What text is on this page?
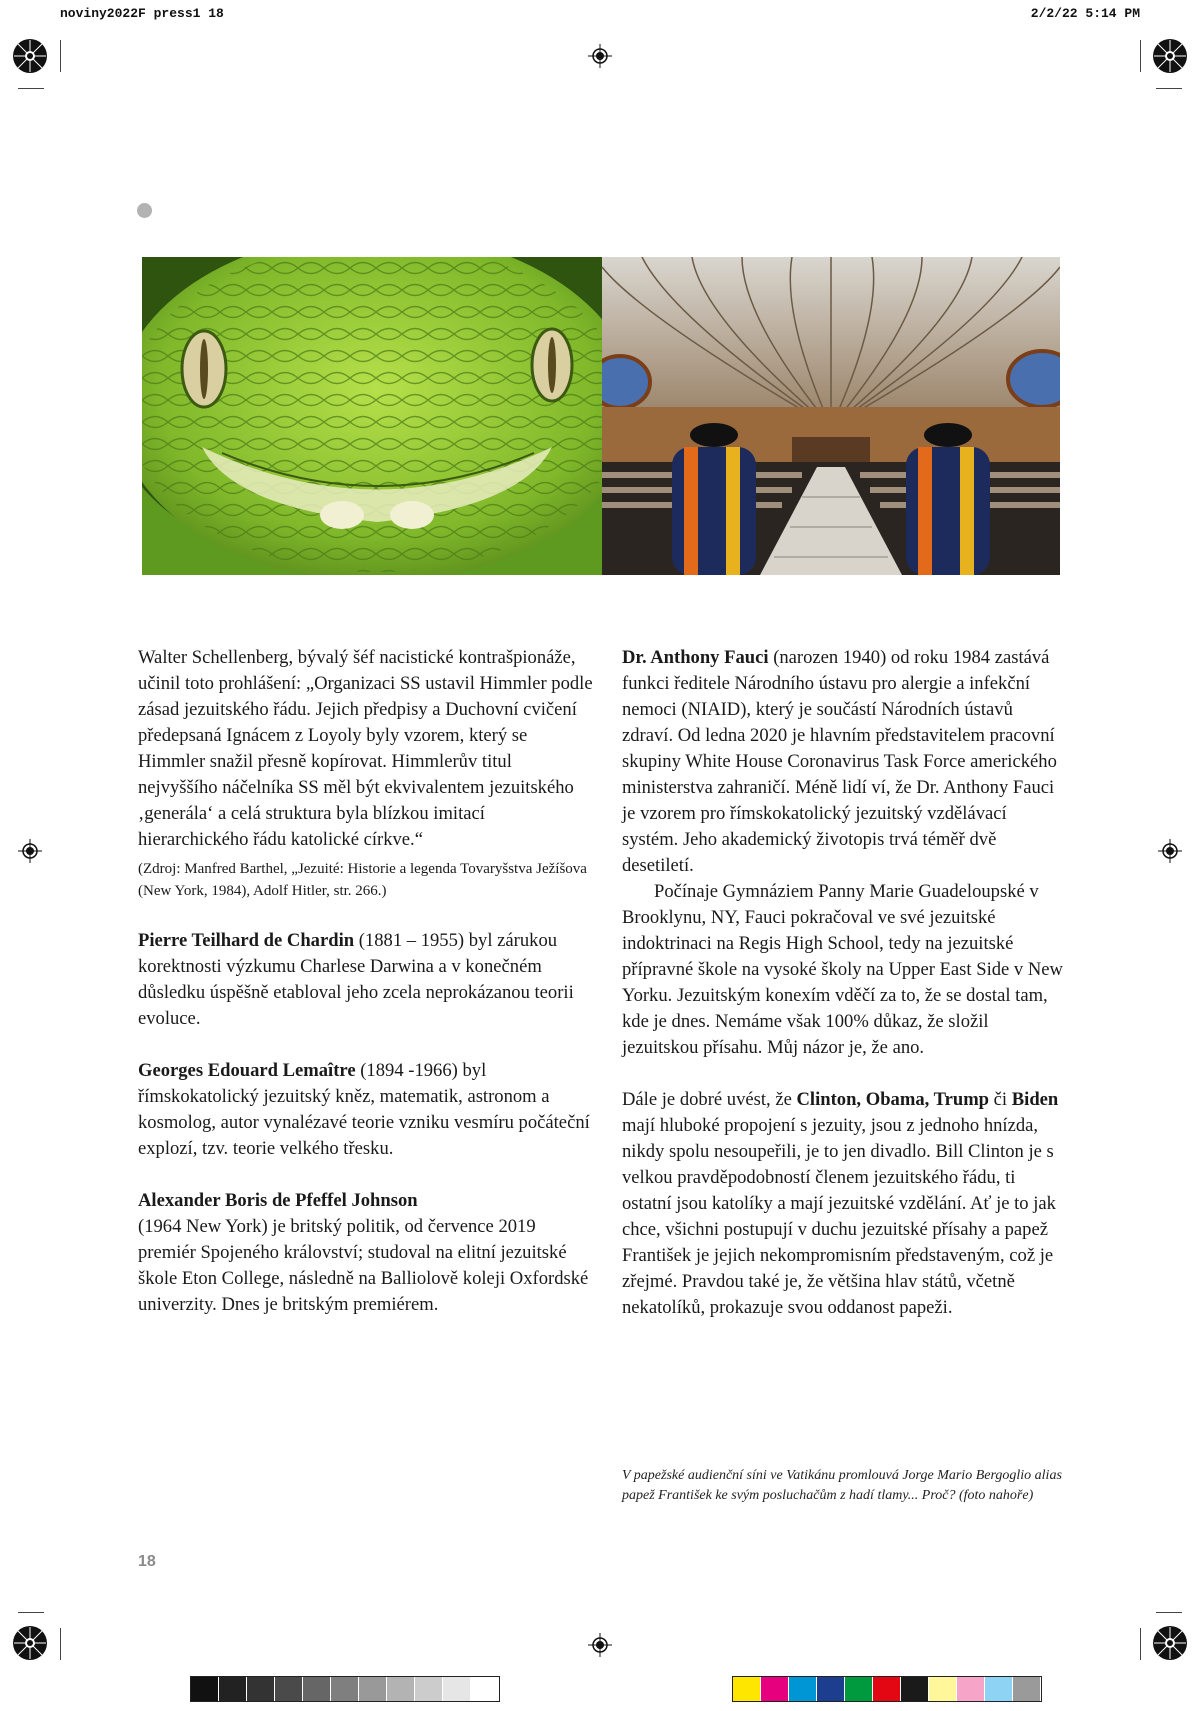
noviny2022F press1 18	2/2/22 5:14 PM

Walter Schellenberg, bývalý šéf nacistické kontrašpionáže, učinil toto prohlášení: „Organizaci SS ustavil Himmler podle zásad jezuitského řádu. Jejich předpisy a Duchovní cvičení předepsaná Ignácem z Loyoly byly vzorem, který se Himmler snažil přesně kopírovat. Himmlerův titul nejvyššího náčelníka SS měl být ekvivalentem jezuitského ‚generála‘ a celá struktura byla blízkou imitací hierarchického řádu katolické církve.“

(Zdroj: Manfred Barthel, „Jezuité: Historie a legenda Tovaryšstva Ježíšova (New York, 1984), Adolf Hitler, str. 266.)

Pierre Teilhard de Chardin (1881 – 1955) byl zárukou korektnosti výzkumu Charlese Darwina a v konečném důsledku úspěšně etabloval jeho zcela neprokázanou teorii evoluce.

Georges Edouard Lemaître (1894 -1966) byl římskokatolický jezuitský kněz, matematik, astronom a kosmolog, autor vynalézavé teorie vzniku vesmíru počáteční explozí, tzv. teorie velkého třesku.

Alexander Boris de Pfeffel Johnson

(1964 New York) je britský politik, od července 2019 premiér Spojeného království; studoval na elitní jezuitské škole Eton College, následně na Balliolově koleji Oxfordské univerzity. Dnes je britským premiérem.

Dr. Anthony Fauci (narozen 1940) od roku 1984 zastává funkci ředitele Národního ústavu pro alergie a infekční nemoci (NIAID), který je součástí Národních ústavů zdraví. Od ledna 2020 je hlavním představitelem pracovní skupiny White House Coronavirus Task Force amerického ministerstva zahraničí. Méně lidí ví, že Dr. Anthony Fauci je vzorem pro římskokatolický jezuitský vzdělávací systém. Jeho akademický životopis trvá téměř dvě desetiletí.

Počínaje Gymnáziem Panny Marie Guadeloupské v Brooklynu, NY, Fauci pokračoval ve své jezuitské indoktrinaci na Regis High School, tedy na jezuitské přípravné škole na vysoké školy na Upper East Side v New Yorku. Jezuitským konexím vděčí za to, že se dostal tam, kde je dnes. Nemáme však 100% důkaz, že složil jezuitskou přísahu. Můj názor je, že ano.

Dále je dobré uvést, že Clinton, Obama, Trump či Biden mají hluboké propojení s jezuity, jsou z jednoho hnízda, nikdy spolu nesoupeřili, je to jen divadlo. Bill Clinton je s velkou pravděpodobností členem jezuitského řádu, ti ostatní jsou katolíky a mají jezuitské vzdělání. Ať je to jak chce, všichni postupují v duchu jezuitské přísahy a papež František je jejich nekompromisním představeným, což je zřejmé. Pravdou také je, že většina hlav států, včetně nekatolíků, prokazuje svou oddanost papeži.

V papežské audienční síni ve Vatikánu promlouvá Jorge Mario Bergoglio alias papež František ke svým posluchačům z hadí tlamy... Proč? (foto nahoře)
18
